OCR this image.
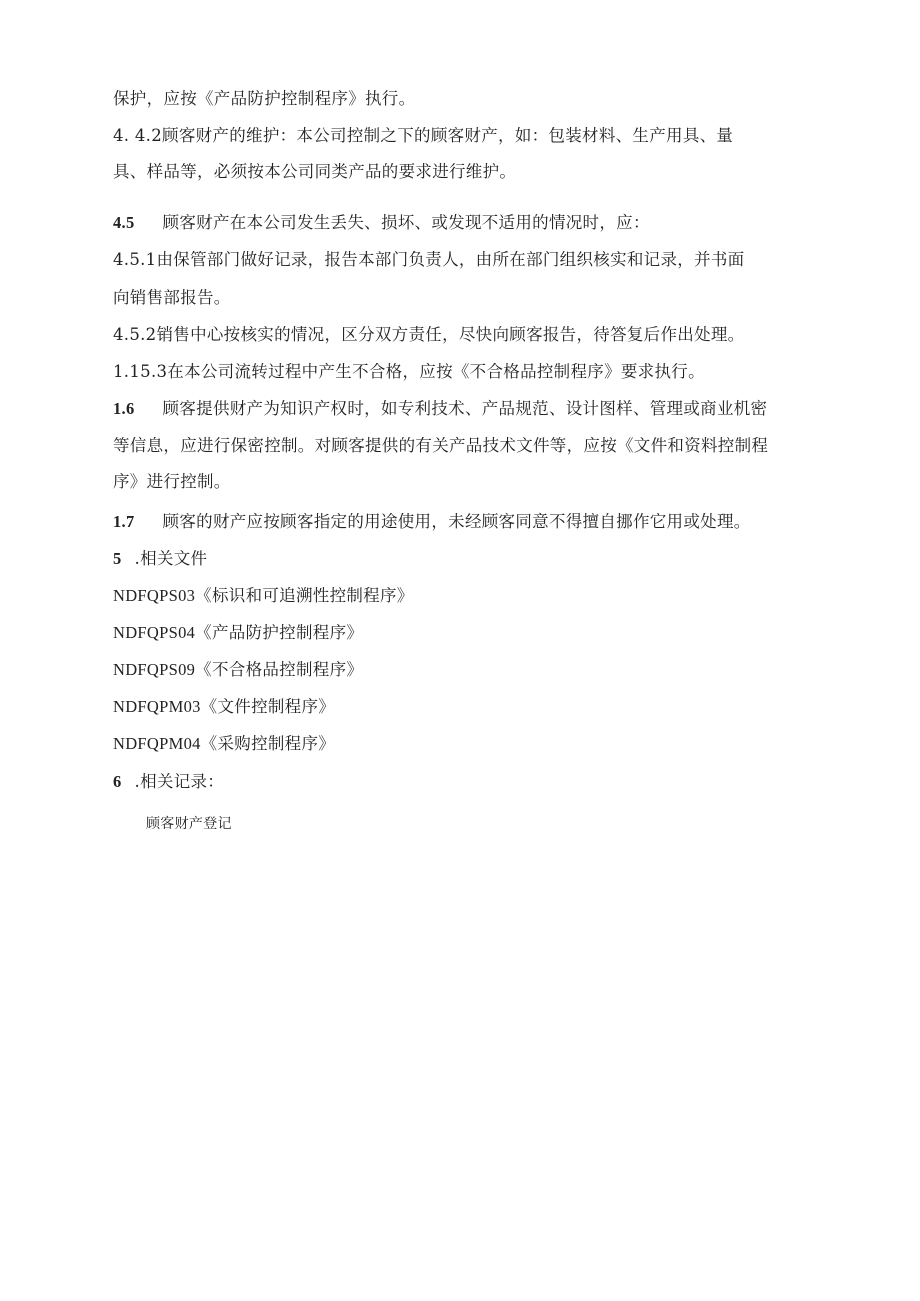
保护，应按《产品防护控制程序》执行。
4. 4.2顾客财产的维护：本公司控制之下的顾客财产，如：包装材料、生产用具、量
具、样品等，必须按本公司同类产品的要求进行维护。
4.5 顾客财产在本公司发生丢失、损坏、或发现不适用的情况时，应：
4.5.1由保管部门做好记录，报告本部门负责人，由所在部门组织核实和记录，并书面
向销售部报告。
4.5.2销售中心按核实的情况，区分双方责任，尽快向顾客报告，待答复后作出处理。
1.15.3在本公司流转过程中产生不合格，应按《不合格品控制程序》要求执行。
1.6 顾客提供财产为知识产权时，如专利技术、产品规范、设计图样、管理或商业机密
等信息，应进行保密控制。对顾客提供的有关产品技术文件等，应按《文件和资料控制程
序》进行控制。
1.7 顾客的财产应按顾客指定的用途使用，未经顾客同意不得擅自挪作它用或处理。
5 .相关文件
NDFQPS03《标识和可追溯性控制程序》
NDFQPS04《产品防护控制程序》
NDFQPS09《不合格品控制程序》
NDFQPM03《文件控制程序》
NDFQPM04《采购控制程序》
6 .相关记录：
顾客财产登记
